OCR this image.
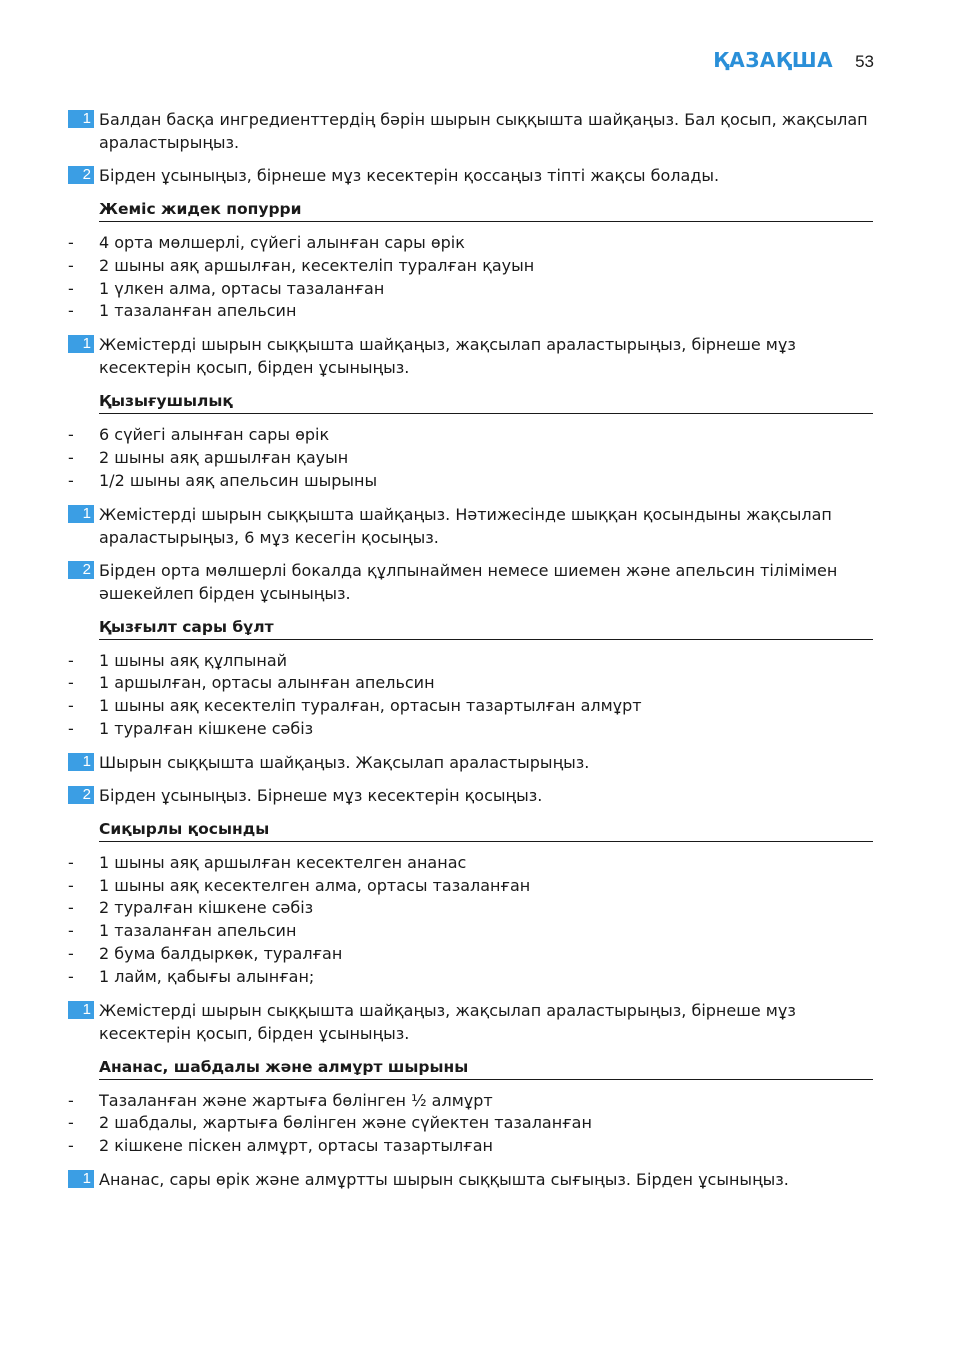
ҚАЗАҚША 53
1 Балдан басқа ингредиенттердің бәрін шырын сыққышта шайқаңыз. Бал қосып, жақсылап араластырыңыз.
2 Бірден ұсыныңыз, бірнеше мұз кесектерін қоссаңыз тіпті жақсы болады.
Жеміс жидек попурри
- 4 орта мөлшерлі, сүйегі алынған сары өрік
- 2 шыны аяқ аршылған, кесектеліп туралған қауын
- 1 үлкен алма, ортасы тазаланған
- 1 тазаланған апельсин
1 Жемістерді шырын сыққышта шайқаңыз, жақсылап араластырыңыз, бірнеше мұз кесектерін қосып, бірден ұсыныңыз.
Қызығушылық
- 6 сүйегі алынған сары өрік
- 2 шыны аяқ аршылған қауын
- 1/2 шыны аяқ апельсин шырыны
1 Жемістерді шырын сыққышта шайқаңыз. Нәтижесінде шыққан қосындыны жақсылап араластырыңыз, 6 мұз кесегін қосыңыз.
2 Бірден орта мөлшерлі бокалда құлпынаймен немесе шиемен және апельсин тілімімен әшекейлеп бірден ұсыныңыз.
Қызғылт сары бұлт
- 1 шыны аяқ құлпынай
- 1 аршылған, ортасы алынған апельсин
- 1 шыны аяқ кесектеліп туралған, ортасын тазартылған алмұрт
- 1 туралған кішкене сәбіз
1 Шырын сыққышта шайқаңыз. Жақсылап араластырыңыз.
2 Бірден ұсыныңыз. Бірнеше мұз кесектерін қосыңыз.
Сиқырлы қосынды
- 1 шыны аяқ аршылған кесектелген ананас
- 1 шыны аяқ кесектелген алма, ортасы тазаланған
- 2 туралған кішкене сәбіз
- 1 тазаланған апельсин
- 2 бума балдыркөк, туралған
- 1 лайм, қабығы алынған;
1 Жемістерді шырын сыққышта шайқаңыз, жақсылап араластырыңыз, бірнеше мұз кесектерін қосып, бірден ұсыныңыз.
Ананас, шабдалы және алмұрт шырыны
- Тазаланған және жартыға бөлінген ½ алмұрт
- 2 шабдалы, жартыға бөлінген және сүйектен тазаланған
- 2 кішкене піскен алмұрт, ортасы тазартылған
1 Ананас, сары өрік және алмұртты шырын сыққышта сығыңыз. Бірден ұсыныңыз.
